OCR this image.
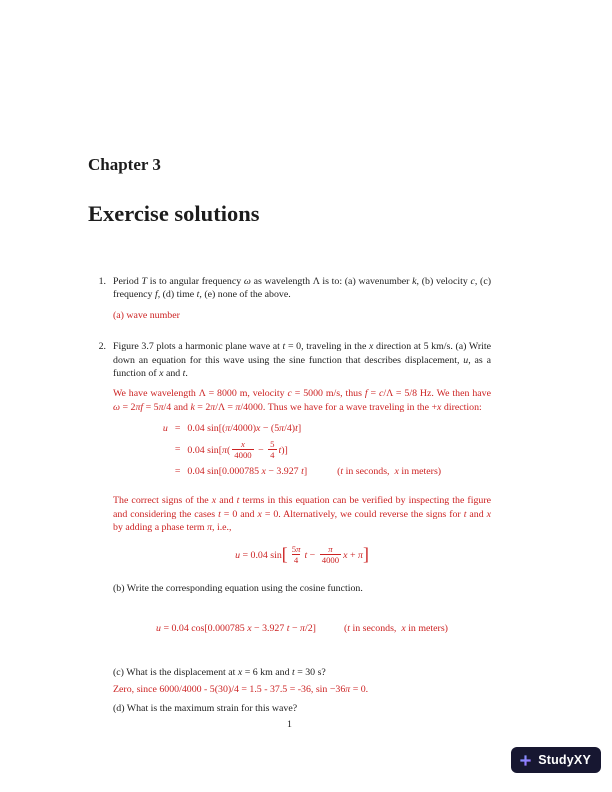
Chapter 3
Exercise solutions
1. Period T is to angular frequency ω as wavelength Λ is to: (a) wavenumber k, (b) velocity c, (c) frequency f, (d) time t, (e) none of the above.

(a) wave number

2. Figure 3.7 plots a harmonic plane wave at t = 0, traveling in the x direction at 5 km/s. (a) Write down an equation for this wave using the sine function that describes displacement, u, as a function of x and t.

We have wavelength Λ = 8000 m, velocity c = 5000 m/s, thus f = c/Λ = 5/8 Hz. We then have ω = 2πf = 5π/4 and k = 2π/Λ = π/4000. Thus we have for a wave traveling in the +x direction:

u = 0.04 sin[(π/4000)x − (5π/4)t]
= 0.04 $\sin[\pi( \frac{x}{4000} - \frac{5}{4} t)]$
= 0.04 sin[0.000785 x − 3.927 t]	(t in seconds,  x in meters)

The correct signs of the x and t terms in this equation can be verified by inspecting the figure and considering the cases t = 0 and x = 0. Alternatively, we could reverse the signs for t and x by adding a phase term π, i.e.,

u = 0.04 $\sin[ \frac{5\pi}{4}$ $t - \frac{\pi}{4000}$ x + π]

(b) Write the corresponding equation using the cosine function.

u = 0.04 cos[0.000785 x − 3.927 t − π/2]	(t in seconds,  x in meters)

(c) What is the displacement at x = 6 km and t = 30 s?

Zero, since 6000/4000 - 5(30)/4 = 1.5 - 37.5 = -36, sin −36π = 0.

(d) What is the maximum strain for this wave?

1
StudyXY
